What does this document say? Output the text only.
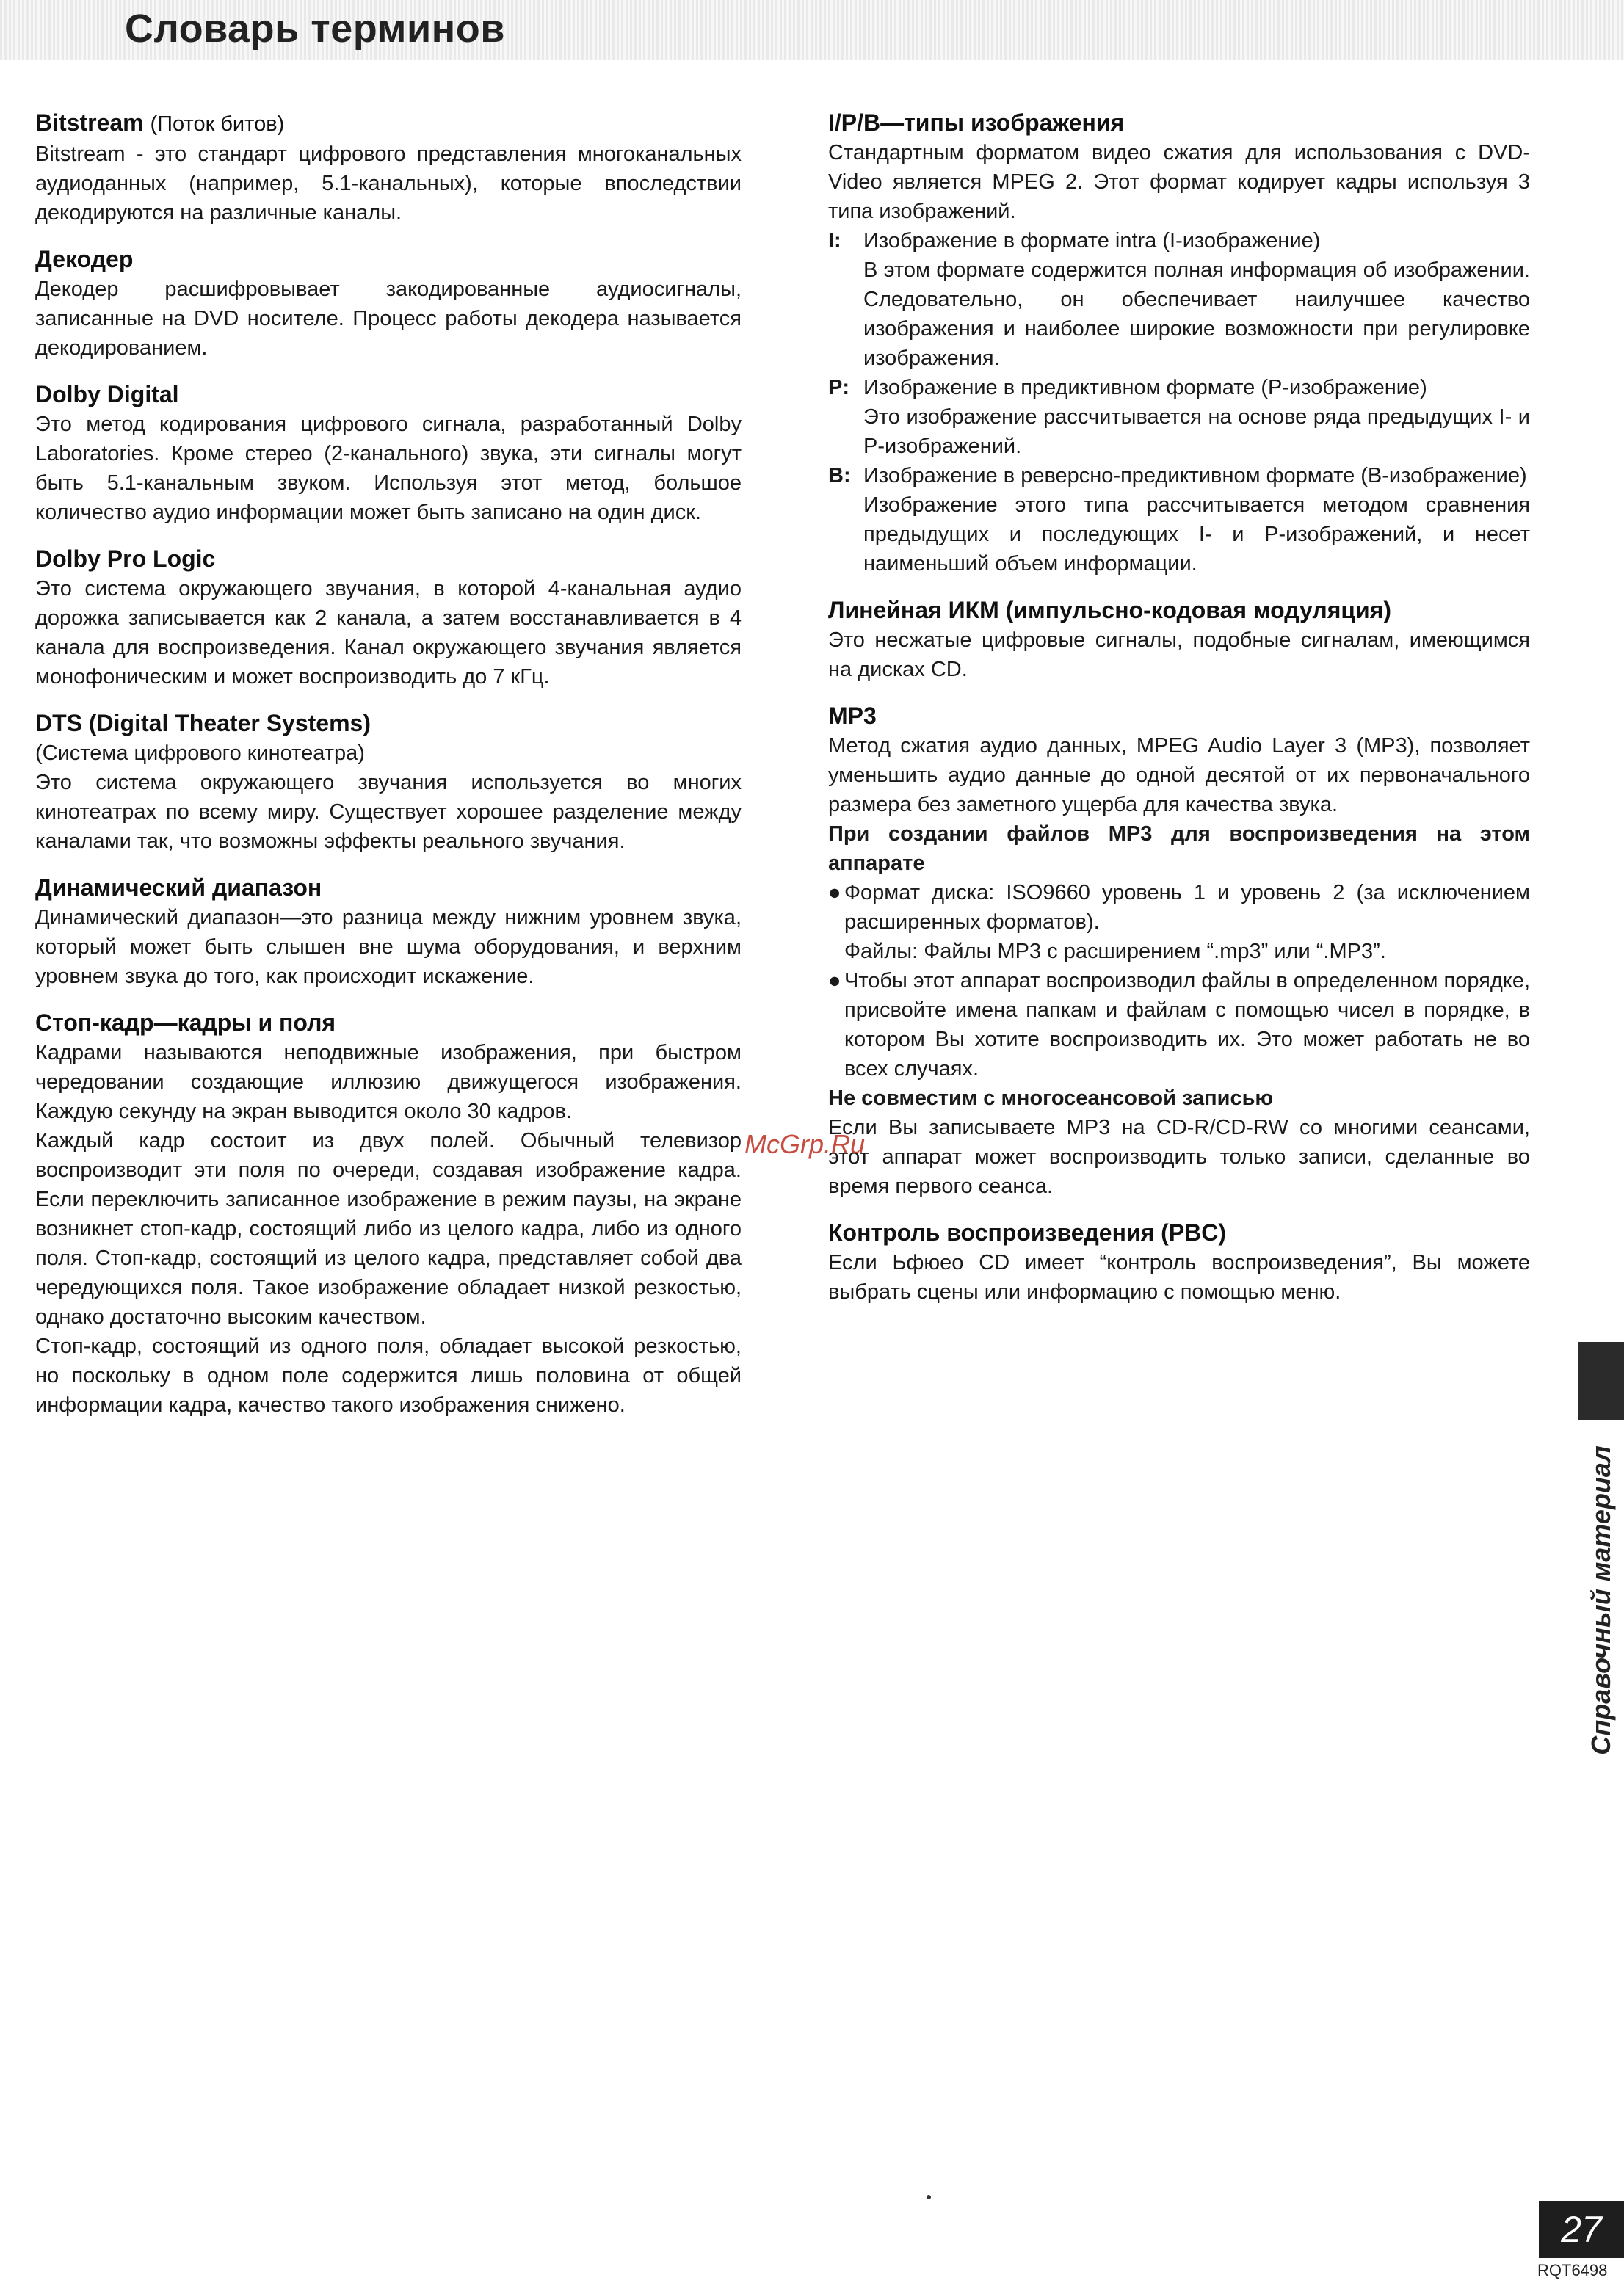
Словарь терминов
Bitstream (Поток битов)

Bitstream - это стандарт цифрового представления многоканальных аудиоданных (например, 5.1-канальных), которые впоследствии декодируются на различные каналы.

Декодер

Декодер расшифровывает закодированные аудиосигналы, записанные на DVD носителе. Процесс работы декодера называется декодированием.

Dolby Digital

Это метод кодирования цифрового сигнала, разработанный Dolby Laboratories. Кроме стерео (2-канального) звука, эти сигналы могут быть 5.1-канальным звуком. Используя этот метод, большое количество аудио информации может быть записано на один диск.

Dolby Pro Logic

Это система окружающего звучания, в которой 4-канальная аудио дорожка записывается как 2 канала, а затем восстанавливается в 4 канала для воспроизведения. Канал окружающего звучания является монофоническим и может воспроизводить до 7 кГц.

DTS (Digital Theater Systems)

(Система цифрового кинотеатра)

Это система окружающего звучания используется во многих кинотеатрах по всему миру. Существует хорошее разделение между каналами так, что возможны эффекты реального звучания.

Динамический диапазон

Динамический диапазон—это разница между нижним уровнем звука, который может быть слышен вне шума оборудования, и верхним уровнем звука до того, как происходит искажение.

Стоп-кадр—кадры и поля

Кадрами называются неподвижные изображения, при быстром чередовании создающие иллюзию движущегося изображения. Каждую секунду на экран выводится около 30 кадров.

Каждый кадр состоит из двух полей. Обычный телевизор воспроизводит эти поля по очереди, создавая изображение кадра. Если переключить записанное изображение в режим паузы, на экране возникнет стоп-кадр, состоящий либо из целого кадра, либо из одного поля. Стоп-кадр, состоящий из целого кадра, представляет собой два чередующихся поля. Такое изображение обладает низкой резкостью, однако достаточно высоким качеством.

Стоп-кадр, состоящий из одного поля, обладает высокой резкостью, но поскольку в одном поле содержится лишь половина от общей информации кадра, качество такого изображения снижено.

I/P/B—типы изображения

Стандартным форматом видео сжатия для использования с DVD-Video является MPEG 2. Этот формат кодирует кадры используя 3 типа изображений.

I:	Изображение в формате intra (I-изображение)
В этом формате содержится полная информация об изображении. Следовательно, он обеспечивает наилучшее качество изображения и наиболее широкие возможности при регулировке изображения.
P: Изображение в предиктивном формате (P-изображение)
Это изображение рассчитывается на основе ряда предыдущих I- и P-изображений.
B: Изображение в реверсно-предиктивном формате (B-изображение)
Изображение этого типа рассчитывается методом сравнения предыдущих и последующих I- и P-изображений, и несет наименьший объем информации.
Линейная ИКМ (импульсно-кодовая модуляция)

Это несжатые цифровые сигналы, подобные сигналам, имеющимся на дисках CD.

MP3

Метод сжатия аудио данных, MPEG Audio Layer 3 (MP3), позволяет уменьшить аудио данные до одной десятой от их первоначального размера без заметного ущерба для качества звука.

При создании файлов MP3 для воспроизведения на этом аппарате

● Формат диска: ISO9660 уровень 1 и уровень 2 (за исключением расширенных форматов).
Файлы: Файлы MP3 с расширением “.mp3” или “.MP3”.
● Чтобы этот аппарат воспроизводил файлы в определенном порядке, присвойте имена папкам и файлам с помощью чисел в порядке, в котором Вы хотите воспроизводить их. Это может работать не во всех случаях.

Не совместим с многосеансовой записью

Если Вы записываете MP3 на CD-R/CD-RW со многими сеансами, этот аппарат может воспроизводить только записи, сделанные во время первого сеанса.

Контроль воспроизведения (PBC)

Если Ьфюео CD имеет “контроль воспроизведения”, Вы можете выбрать сцены или информацию с помощью меню.

McGrp.Ru
Справочный материал
27
RQT6498
